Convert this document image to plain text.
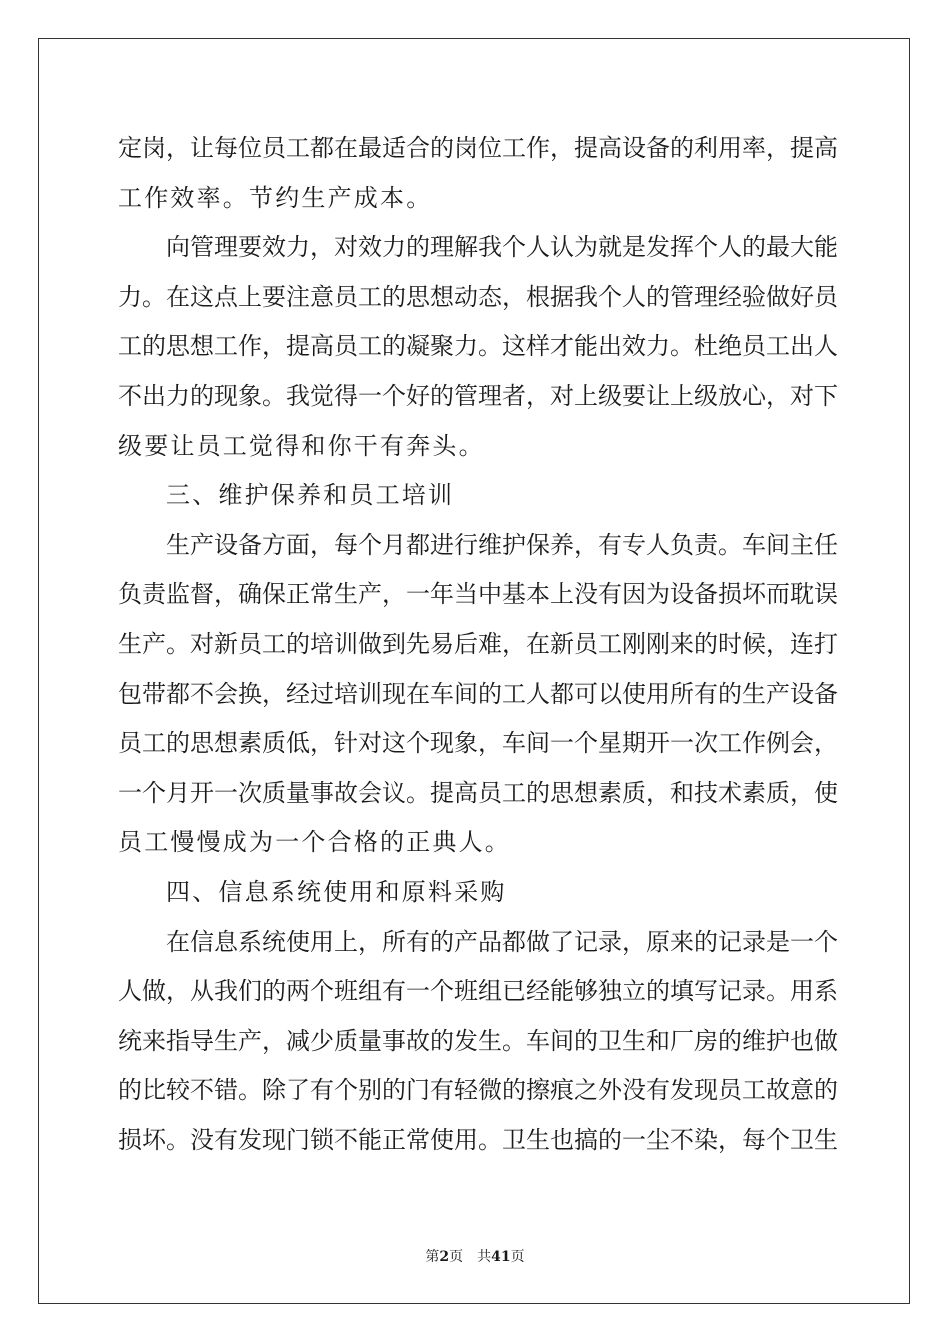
定岗，让每位员工都在最适合的岗位工作，提高设备的利用率，提高
工作效率。节约生产成本。
向管理要效力，对效力的理解我个人认为就是发挥个人的最大能
力。在这点上要注意员工的思想动态，根据我个人的管理经验做好员
工的思想工作，提高员工的凝聚力。这样才能出效力。杜绝员工出人
不出力的现象。我觉得一个好的管理者，对上级要让上级放心，对下
级要让员工觉得和你干有奔头。
三、维护保养和员工培训
生产设备方面，每个月都进行维护保养，有专人负责。车间主任
负责监督，确保正常生产，一年当中基本上没有因为设备损坏而耽误
生产。对新员工的培训做到先易后难，在新员工刚刚来的时候，连打
包带都不会换，经过培训现在车间的工人都可以使用所有的生产设备
员工的思想素质低，针对这个现象，车间一个星期开一次工作例会，
一个月开一次质量事故会议。提高员工的思想素质，和技术素质，使
员工慢慢成为一个合格的正典人。
四、信息系统使用和原料采购
在信息系统使用上，所有的产品都做了记录，原来的记录是一个
人做，从我们的两个班组有一个班组已经能够独立的填写记录。用系
统来指导生产，减少质量事故的发生。车间的卫生和厂房的维护也做
的比较不错。除了有个别的门有轻微的擦痕之外没有发现员工故意的
损坏。没有发现门锁不能正常使用。卫生也搞的一尘不染，每个卫生
第2页 共41页
